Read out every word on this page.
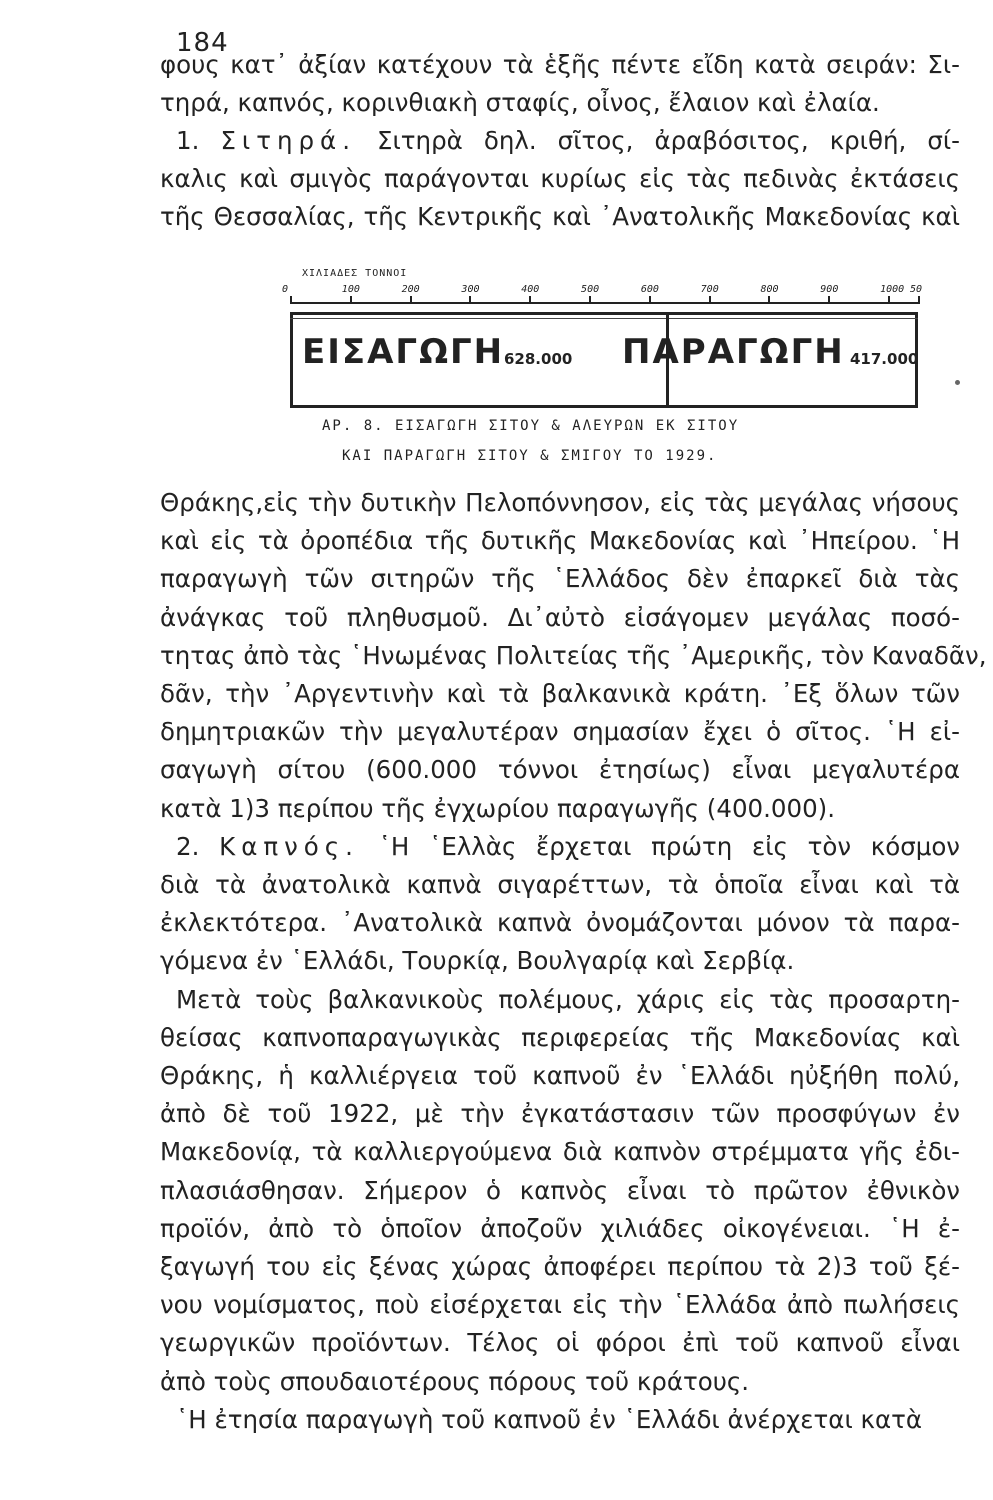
184
φους κατ᾽ ἀξίαν κατέχουν τὰ ἑξῆς πέντε εἴδη κατὰ σειράν: Σι-
τηρά, καπνός, κορινθιακὴ σταφίς, οἶνος, ἔλαιον καὶ ἐλαία.
1. Σιτηρά. Σιτηρὰ δηλ. σῖτος, ἀραβόσιτος, κριθή, σί-
καλις καὶ σμιγὸς παράγονται κυρίως εἰς τὰς πεδινὰς ἐκτάσεις
τῆς Θεσσαλίας, τῆς Κεντρικῆς καὶ ᾽Ανατολικῆς Μακεδονίας καὶ
ΧΙΛΙΑΔΕΣ ΤΟΝΝΟΙ
0	100	200	300	400	500	600	700	800	900	1000 50
ΕΙΣΑΓΩΓΗ 628.000 ΠΑΡΑΓΩΓΗ 417.000
ΑΡ. 8. ΕΙΣΑΓΩΓΗ ΣΙΤΟΥ & ΑΛΕΥΡΩΝ ΕΚ ΣΙΤΟΥ
ΚΑΙ ΠΑΡΑΓΩΓΗ ΣΙΤΟΥ & ΣΜΙΓΟΥ ΤΟ 1929.
Θράκης,εἰς τὴν δυτικὴν Πελοπόννησον, εἰς τὰς μεγάλας νήσους
καὶ εἰς τὰ ὀροπέδια τῆς δυτικῆς Μακεδονίας καὶ ᾽Ηπείρου. ῾Η
παραγωγὴ τῶν σιτηρῶν τῆς ῾Ελλάδος δὲν ἐπαρκεῖ διὰ τὰς
ἀνάγκας τοῦ πληθυσμοῦ. Δι᾽αὐτὸ εἰσάγομεν μεγάλας ποσό-
τητας ἀπὸ τὰς ῾Ηνωμένας Πολιτείας τῆς ᾽Αμερικῆς, τὸν Καναδᾶν,
δᾶν, τὴν ᾽Αργεντινὴν καὶ τὰ βαλκανικὰ κράτη. ᾽Εξ ὅλων τῶν
δημητριακῶν τὴν μεγαλυτέραν σημασίαν ἔχει ὁ σῖτος. ῾Η εἰ-
σαγωγὴ σίτου (600.000 τόννοι ἐτησίως) εἶναι μεγαλυτέρα
κατὰ 1)3 περίπου τῆς ἐγχωρίου παραγωγῆς (400.000).
2. Καπνός. ῾Η ῾Ελλὰς ἔρχεται πρώτη εἰς τὸν κόσμον
διὰ τὰ ἀνατολικὰ καπνὰ σιγαρέττων, τὰ ὁποῖα εἶναι καὶ τὰ
ἐκλεκτότερα. ᾽Ανατολικὰ καπνὰ ὀνομάζονται μόνον τὰ παρα-
γόμενα ἐν ῾Ελλάδι, Τουρκίᾳ, Βουλγαρίᾳ καὶ Σερβίᾳ.
Μετὰ τοὺς βαλκανικοὺς πολέμους, χάρις εἰς τὰς προσαρτη-
θείσας καπνοπαραγωγικὰς περιφερείας τῆς Μακεδονίας καὶ
Θράκης, ἡ καλλιέργεια τοῦ καπνοῦ ἐν ῾Ελλάδι ηὐξήθη πολύ,
ἀπὸ δὲ τοῦ 1922, μὲ τὴν ἐγκατάστασιν τῶν προσφύγων ἐν
Μακεδονίᾳ, τὰ καλλιεργούμενα διὰ καπνὸν στρέμματα γῆς ἐδι-
πλασιάσθησαν. Σήμερον ὁ καπνὸς εἶναι τὸ πρῶτον ἐθνικὸν
προϊόν, ἀπὸ τὸ ὁποῖον ἀποζοῦν χιλιάδες οἰκογένειαι. ῾Η ἐ-
ξαγωγή του εἰς ξένας χώρας ἀποφέρει περίπου τὰ 2)3 τοῦ ξέ-
νου νομίσματος, ποὺ εἰσέρχεται εἰς τὴν ῾Ελλάδα ἀπὸ πωλήσεις
γεωργικῶν προϊόντων. Τέλος οἱ φόροι ἐπὶ τοῦ καπνοῦ εἶναι
ἀπὸ τοὺς σπουδαιοτέρους πόρους τοῦ κράτους.
῾Η ἐτησία παραγωγὴ τοῦ καπνοῦ ἐν ῾Ελλάδι ἀνέρχεται κατὰ
